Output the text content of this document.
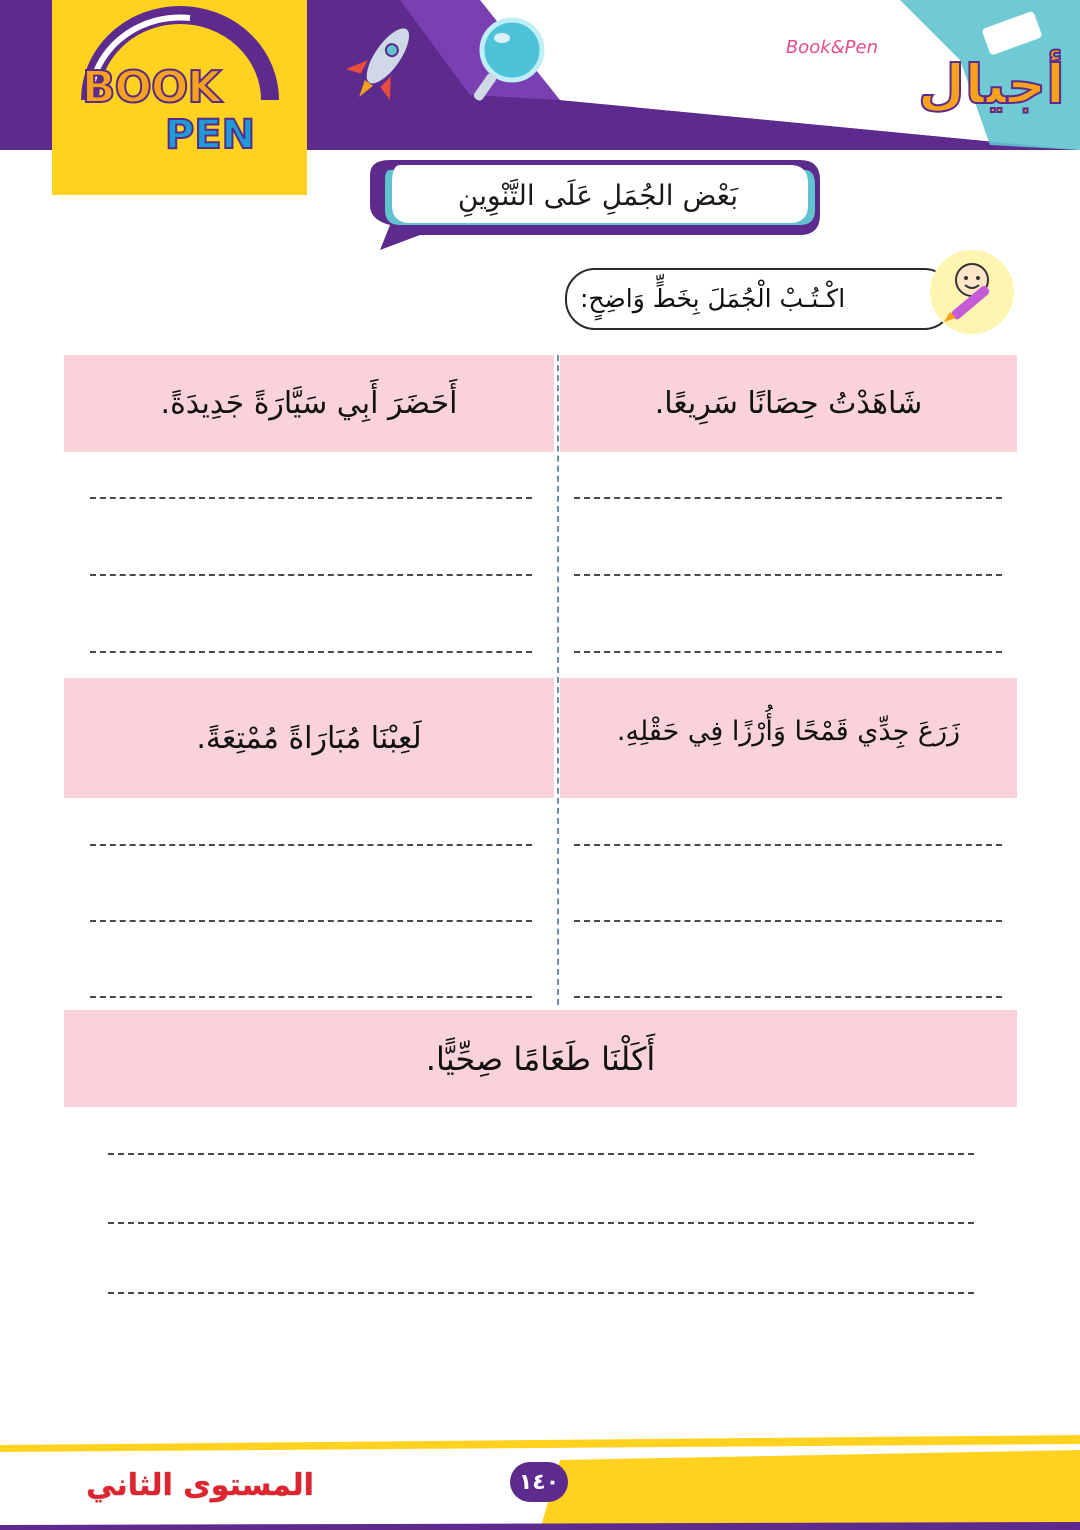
BOOK
PEN
Book&Pen
أجيال
بَعْض الجُمَلِ عَلَى التَّنْوِينِ
اكْـتُـبْ الْجُمَلَ بِخَطٍّ وَاضِحٍ:
أَحَضَرَ أَبِي سَيَّارَةً جَدِيدَةً.	شَاهَدْتُ حِصَانًا سَرِيعًا.
لَعِبْنَا مُبَارَاةً مُمْتِعَةً.	زَرَعَ جِدِّي قَمْحًا وَأُرْزًا فِي حَقْلِهِ.
أَكَلْنَا طَعَامًا صِحِّيًّا.
المستوى الثاني	١٤٠
